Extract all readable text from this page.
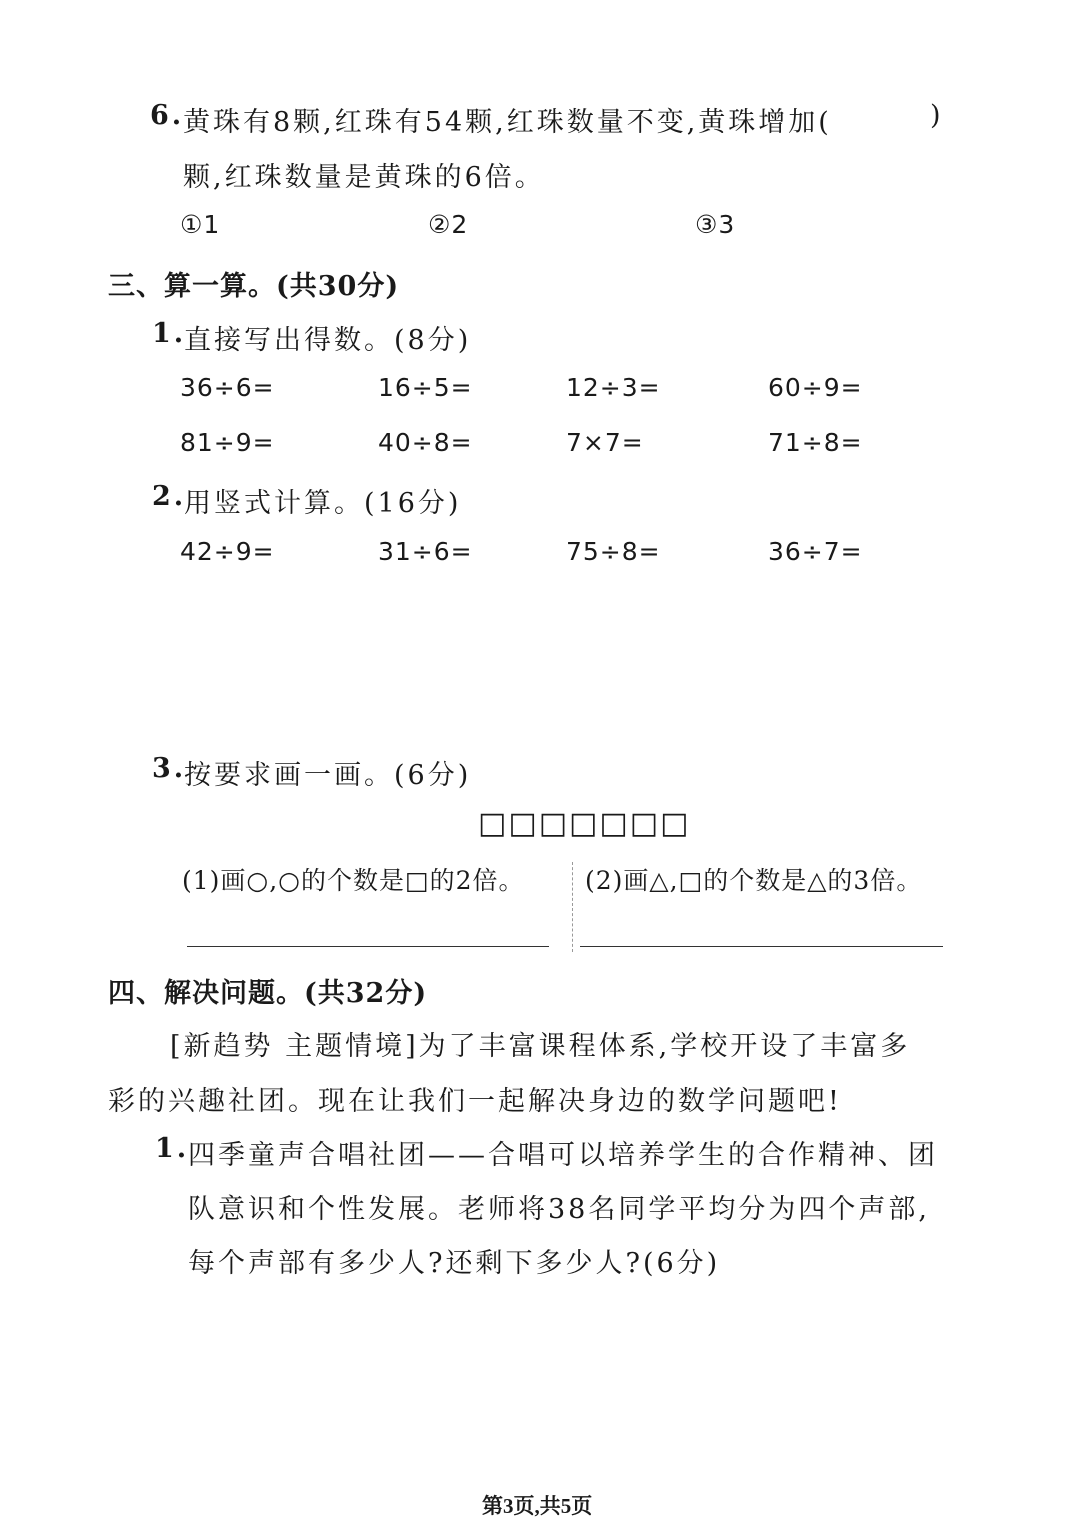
6.
黄珠有8颗,红珠有54颗,红珠数量不变,黄珠增加(	)
颗,红珠数量是黄珠的6倍。
①1	②2	③3
三、算一算。(共30分)
1.
直接写出得数。(8分)
36÷6=	16÷5=	12÷3=	60÷9=
81÷9=	40÷8=	7×7=	71÷8=
2.
用竖式计算。(16分)
42÷9=	31÷6=	75÷8=	36÷7=
3.
按要求画一画。(6分)
□□□□□□□
(1)画○,○的个数是□的2倍。 (2)画△,□的个数是△的3倍。
四、解决问题。(共32分)
[新趋势 主题情境]为了丰富课程体系,学校开设了丰富多
彩的兴趣社团。现在让我们一起解决身边的数学问题吧!
1.
四季童声合唱社团——合唱可以培养学生的合作精神、团
队意识和个性发展。老师将38名同学平均分为四个声部,
每个声部有多少人?还剩下多少人?(6分)
第3页,共5页
